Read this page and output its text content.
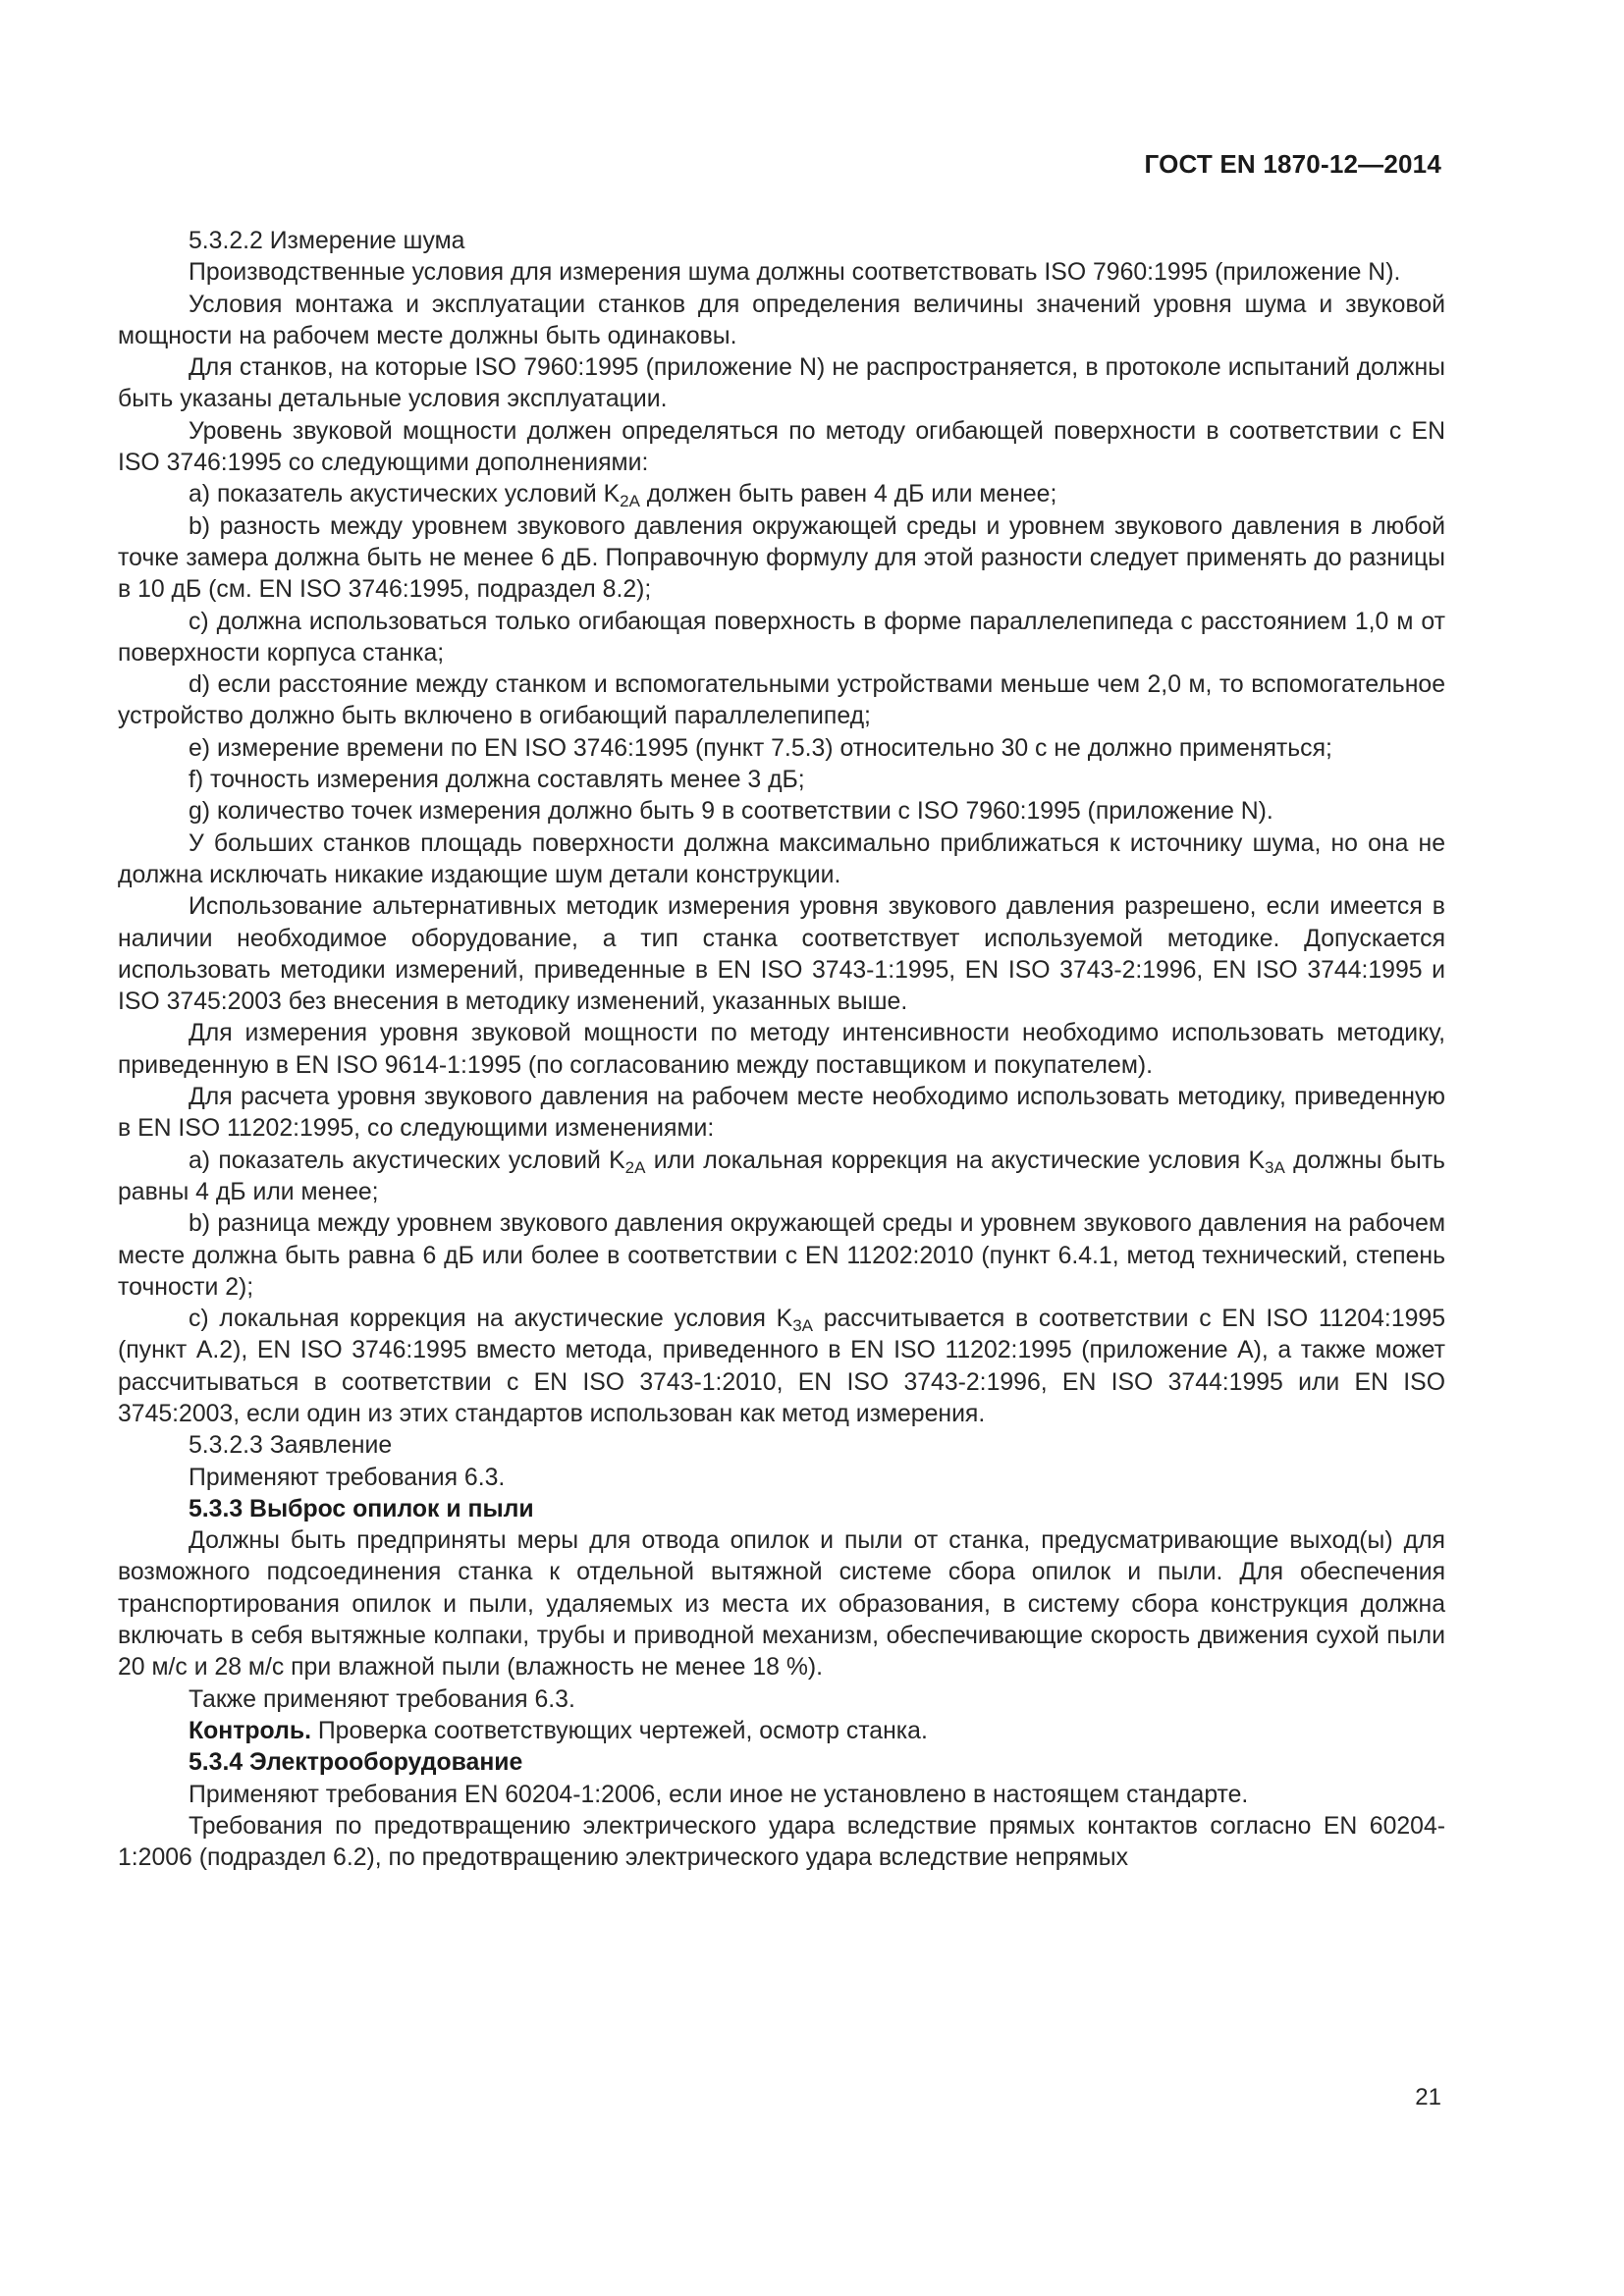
ГОСТ EN 1870-12—2014

5.3.2.2 Измерение шума

Производственные условия для измерения шума должны соответствовать ISO 7960:1995 (приложение N).

Условия монтажа и эксплуатации станков для определения величины значений уровня шума и звуковой мощности на рабочем месте должны быть одинаковы.

Для станков, на которые ISO 7960:1995 (приложение N) не распространяется, в протоколе испытаний должны быть указаны детальные условия эксплуатации.

Уровень звуковой мощности должен определяться по методу огибающей поверхности в соответствии с EN ISO 3746:1995 со следующими дополнениями:

a) показатель акустических условий $K_{2A}$ должен быть равен 4 дБ или менее;

b) разность между уровнем звукового давления окружающей среды и уровнем звукового давления в любой точке замера должна быть не менее 6 дБ. Поправочную формулу для этой разности следует применять до разницы в 10 дБ (см. EN ISO 3746:1995, подраздел 8.2);

c) должна использоваться только огибающая поверхность в форме параллелепипеда с расстоянием 1,0 м от поверхности корпуса станка;

d) если расстояние между станком и вспомогательными устройствами меньше чем 2,0 м, то вспомогательное устройство должно быть включено в огибающий параллелепипед;

e) измерение времени по EN ISO 3746:1995 (пункт 7.5.3) относительно 30 с не должно применяться;

f) точность измерения должна составлять менее 3 дБ;

g) количество точек измерения должно быть 9 в соответствии с ISO 7960:1995 (приложение N).

У больших станков площадь поверхности должна максимально приближаться к источнику шума, но она не должна исключать никакие издающие шум детали конструкции.

Использование альтернативных методик измерения уровня звукового давления разрешено, если имеется в наличии необходимое оборудование, а тип станка соответствует используемой методике. Допускается использовать методики измерений, приведенные в EN ISO 3743-1:1995, EN ISO 3743-2:1996, EN ISO 3744:1995 и ISO 3745:2003 без внесения в методику изменений, указанных выше.

Для измерения уровня звуковой мощности по методу интенсивности необходимо использовать методику, приведенную в EN ISO 9614-1:1995 (по согласованию между поставщиком и покупателем).

Для расчета уровня звукового давления на рабочем месте необходимо использовать методику, приведенную в EN ISO 11202:1995, со следующими изменениями:

a) показатель акустических условий $K_{2A}$ или локальная коррекция на акустические условия $K_{3A}$ должны быть равны 4 дБ или менее;

b) разница между уровнем звукового давления окружающей среды и уровнем звукового давления на рабочем месте должна быть равна 6 дБ или более в соответствии с EN 11202:2010 (пункт 6.4.1, метод технический, степень точности 2);

c) локальная коррекция на акустические условия $K_{3A}$ рассчитывается в соответствии с EN ISO 11204:1995 (пункт А.2), EN ISO 3746:1995 вместо метода, приведенного в EN ISO 11202:1995 (приложение А), а также может рассчитываться в соответствии с EN ISO 3743-1:2010, EN ISO 3743-2:1996, EN ISO 3744:1995 или EN ISO 3745:2003, если один из этих стандартов использован как метод измерения.

5.3.2.3 Заявление

Применяют требования 6.3.

5.3.3 Выброс опилок и пыли

Должны быть предприняты меры для отвода опилок и пыли от станка, предусматривающие выход(ы) для возможного подсоединения станка к отдельной вытяжной системе сбора опилок и пыли. Для обеспечения транспортирования опилок и пыли, удаляемых из места их образования, в систему сбора конструкция должна включать в себя вытяжные колпаки, трубы и приводной механизм, обеспечивающие скорость движения сухой пыли 20 м/с и 28 м/с при влажной пыли (влажность не менее 18 %).

Также применяют требования 6.3.

Контроль. Проверка соответствующих чертежей, осмотр станка.

5.3.4 Электрооборудование

Применяют требования EN 60204-1:2006, если иное не установлено в настоящем стандарте.

Требования по предотвращению электрического удара вследствие прямых контактов согласно EN 60204-1:2006 (подраздел 6.2), по предотвращению электрического удара вследствие непрямых

21
